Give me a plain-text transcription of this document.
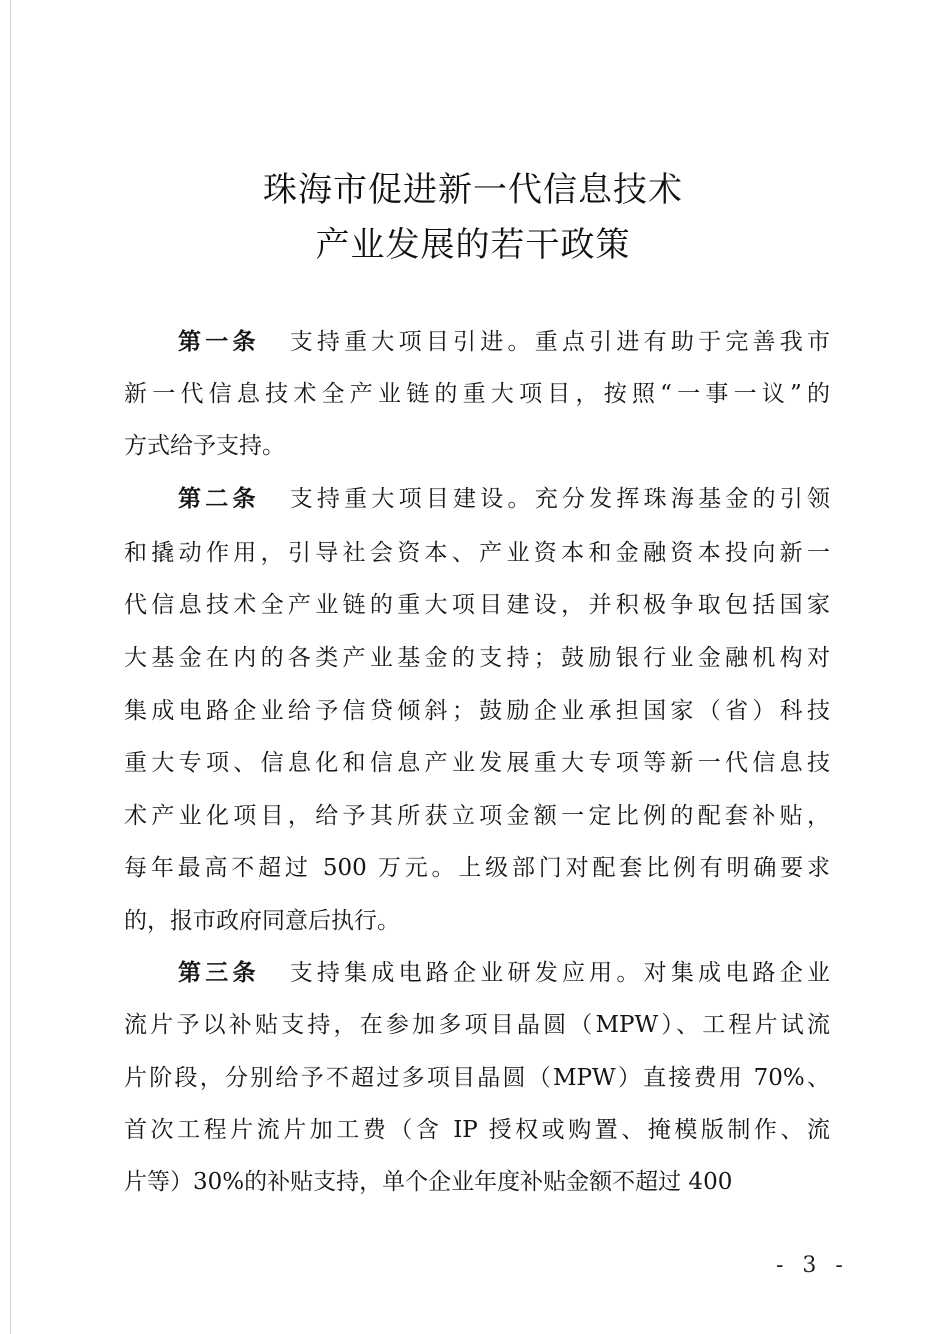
珠海市促进新一代信息技术
产业发展的若干政策
第一条 支持重大项目引进。重点引进有助于完善我市
新一代信息技术全产业链的重大项目，按照“一事一议”的
方式给予支持。
第二条 支持重大项目建设。充分发挥珠海基金的引领
和撬动作用，引导社会资本、产业资本和金融资本投向新一
代信息技术全产业链的重大项目建设，并积极争取包括国家
大基金在内的各类产业基金的支持；鼓励银行业金融机构对
集成电路企业给予信贷倾斜；鼓励企业承担国家（省）科技
重大专项、信息化和信息产业发展重大专项等新一代信息技
术产业化项目，给予其所获立项金额一定比例的配套补贴，
每年最高不超过 500 万元。上级部门对配套比例有明确要求
的，报市政府同意后执行。
第三条 支持集成电路企业研发应用。对集成电路企业
流片予以补贴支持，在参加多项目晶圆（MPW）、工程片试流
片阶段，分别给予不超过多项目晶圆（MPW）直接费用 70%、
首次工程片流片加工费（含 IP 授权或购置、掩模版制作、流
片等）30%的补贴支持，单个企业年度补贴金额不超过 400
- 3 -
